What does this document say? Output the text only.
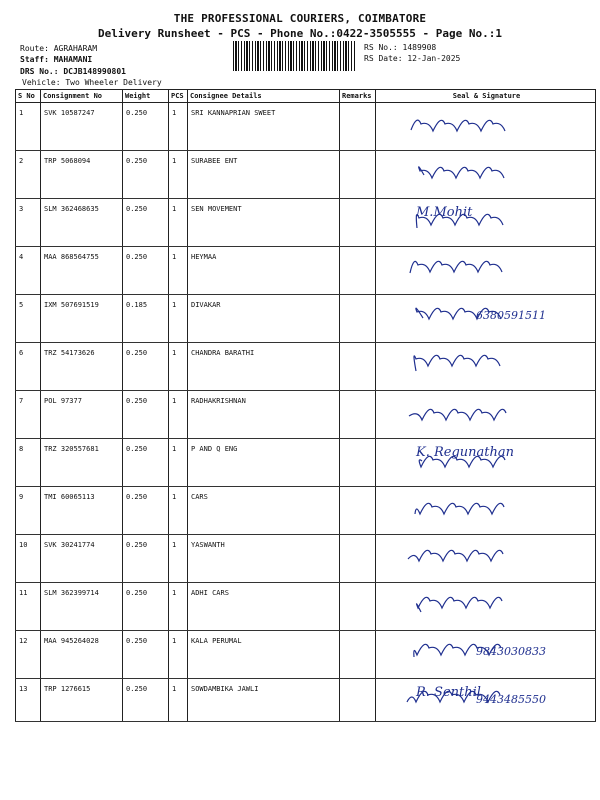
THE PROFESSIONAL COURIERS, COIMBATORE
Delivery Runsheet - PCS - Phone No.:0422-3505555 - Page No.:1
Route: AGRAHARAM
Staff: MAHAMANI
DRS No.: DCJB148990801
Vehicle: Two Wheeler Delivery
RS No.: 1489908
RS Date: 12-Jan-2025
S No	Consignment No	Weight	PCS	Consignee Details	Remarks	Seal & Signature
1	SVK 10587247	0.250	1	SRI KANNAPRIAN SWEET		

2	TRP 5068094	0.250	1	SURABEE ENT		

3	SLM 362468635	0.250	1	SEN MOVEMENT		M.Mohit

4	MAA 868564755	0.250	1	HEYMAA		

5	IXM 507691519	0.185	1	DIVAKAR		6380591511

6	TRZ 54173626	0.250	1	CHANDRA BARATHI		

7	POL 97377	0.250	1	RADHAKRISHNAN		

8	TRZ 320557681	0.250	1	P AND Q ENG		K. Regunathan

9	TMI 60065113	0.250	1	CARS		

10	SVK 30241774	0.250	1	YASWANTH		

11	SLM 362399714	0.250	1	ADHI CARS		

12	MAA 945264028	0.250	1	KALA PERUMAL		9843030833

13	TRP 1276615	0.250	1	SOWDAMBIKA JAWLI		R. Senthil
9443485550
